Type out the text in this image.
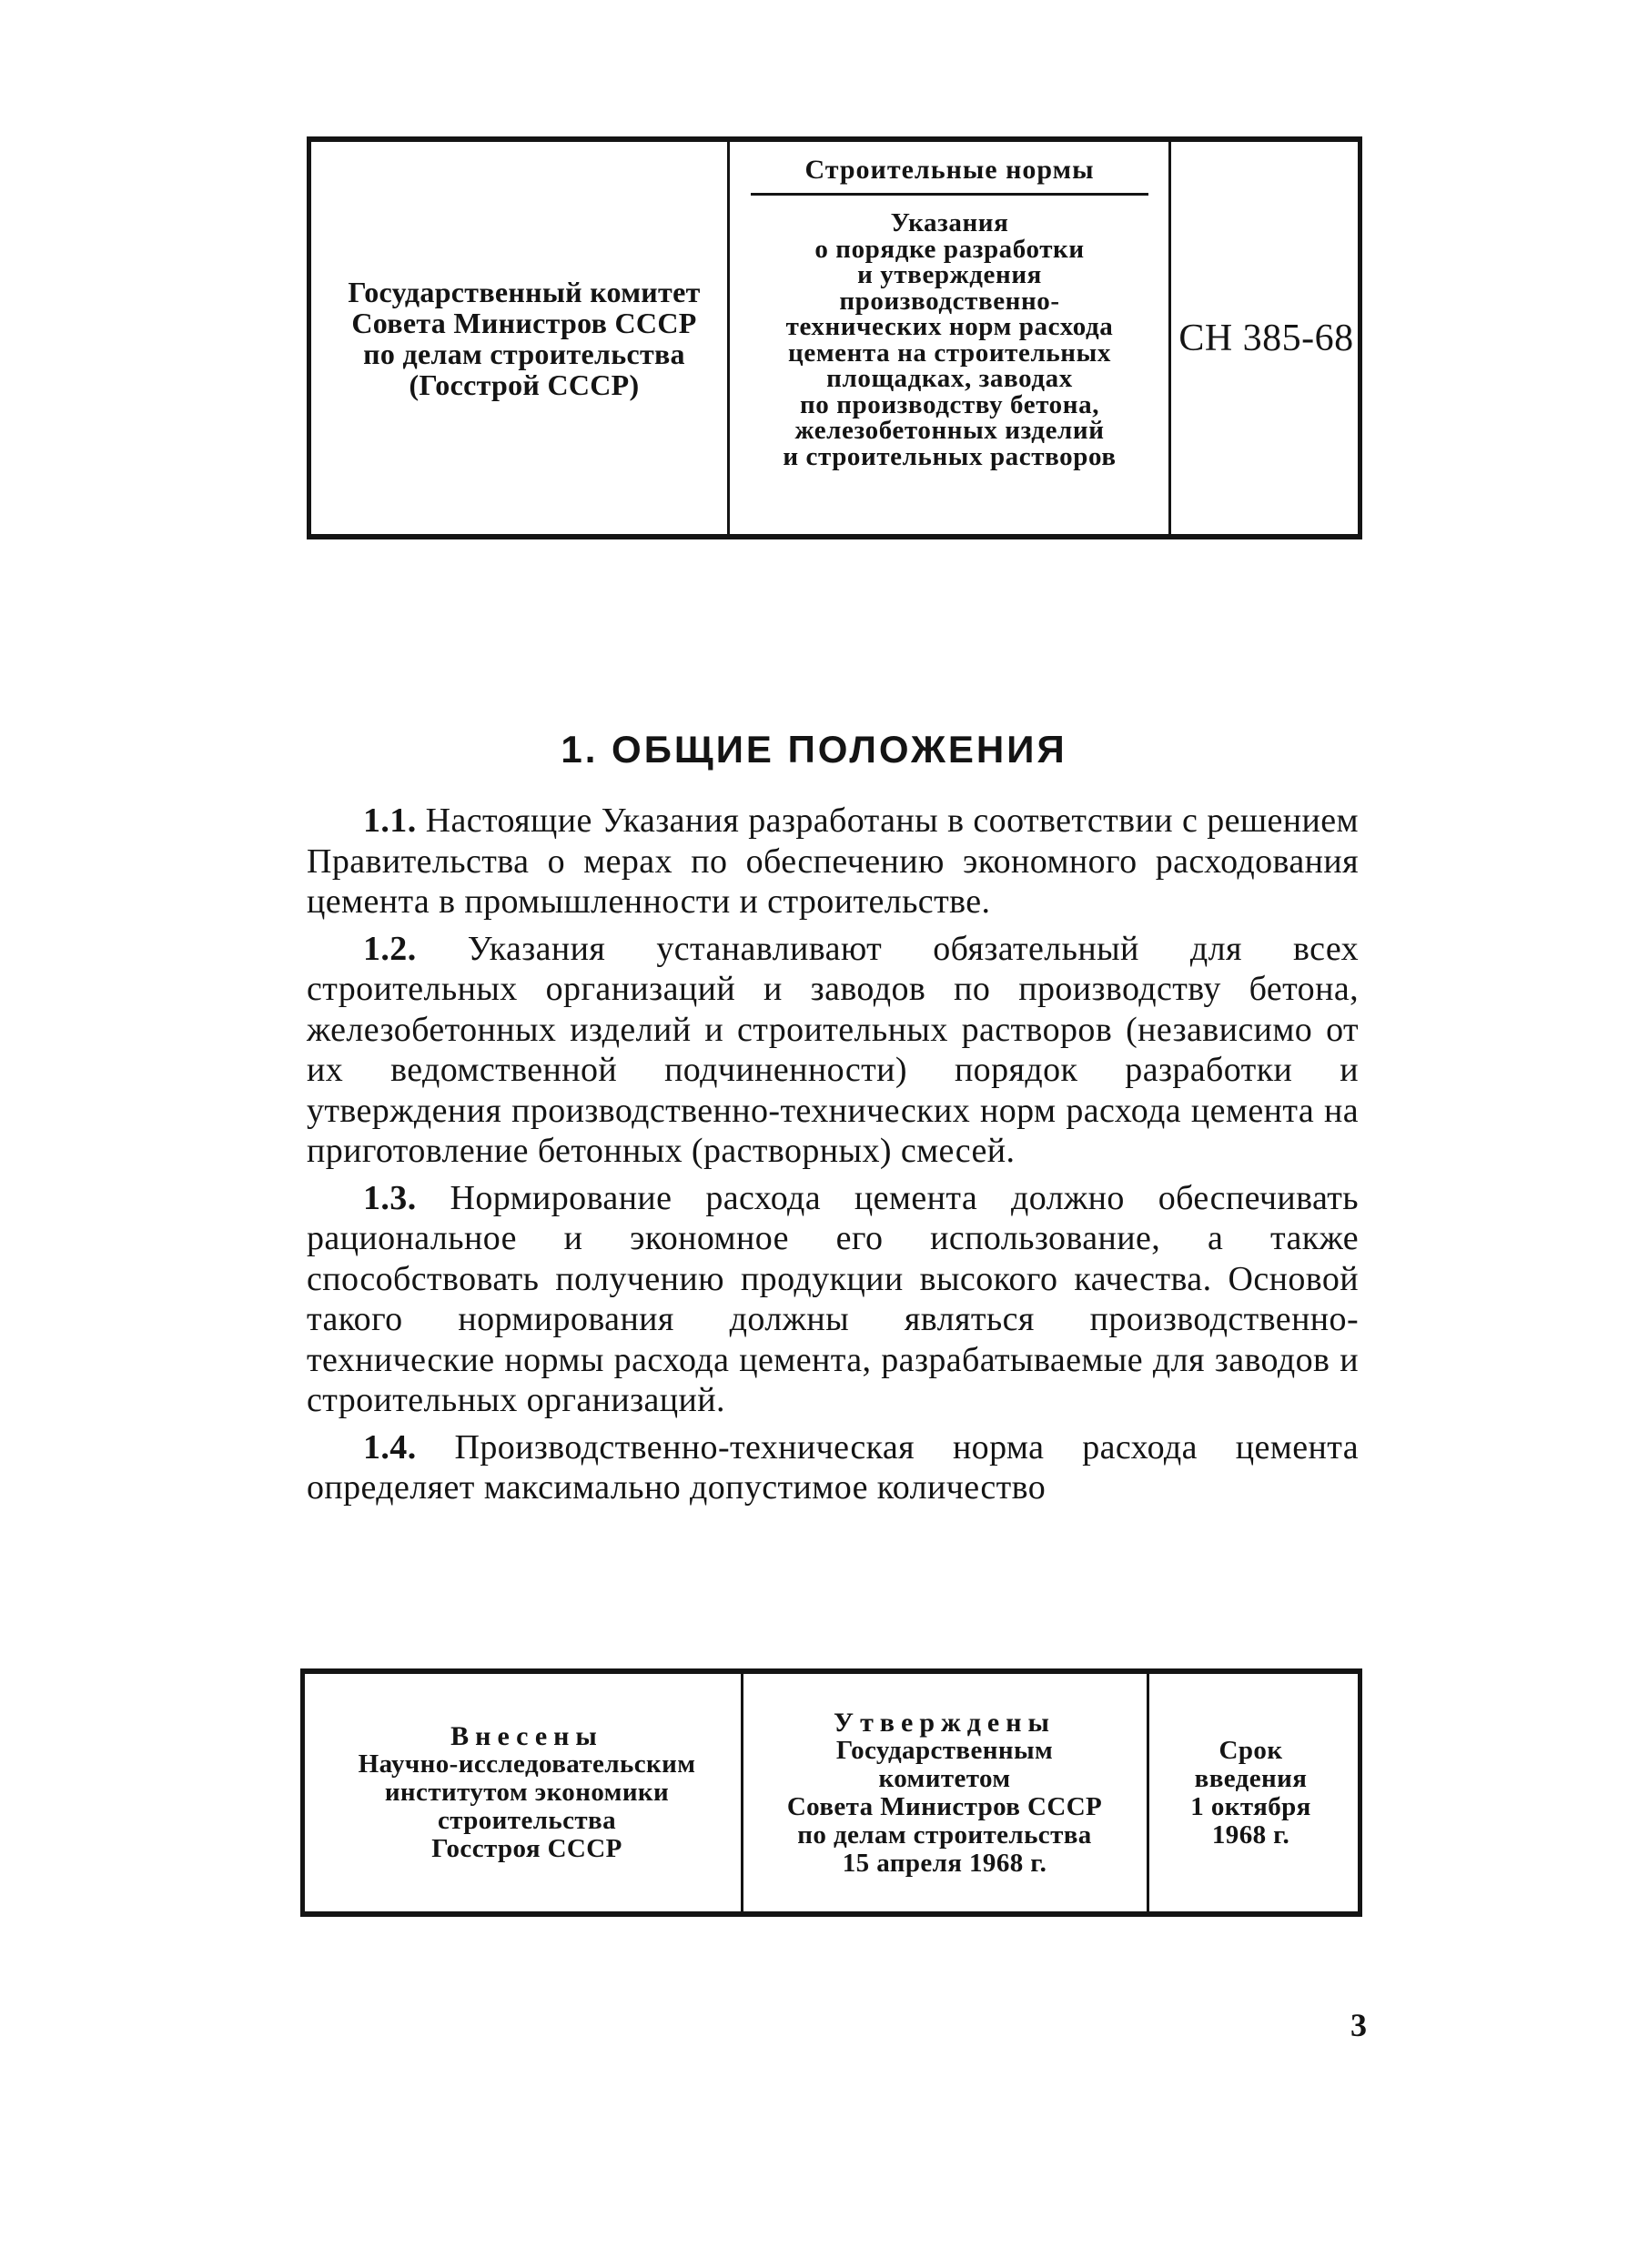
Государственный комитет
Совета Министров СССР
по делам строительства
(Госстрой СССР)
Строительные нормы
Указания
о порядке разработки
и утверждения
производственно-
технических норм расхода
цемента на строительных
площадках, заводах
по производству бетона,
железобетонных изделий
и строительных растворов
СН 385-68
1. ОБЩИЕ ПОЛОЖЕНИЯ

1.1. Настоящие Указания разработаны в соответствии с решением Правительства о мерах по обеспечению экономного расходования цемента в промышленности и строительстве.

1.2. Указания устанавливают обязательный для всех строительных организаций и заводов по производству бетона, железобетонных изделий и строительных растворов (независимо от их ведомственной подчиненности) порядок разработки и утверждения производственно-технических норм расхода цемента на приготовление бетонных (растворных) смесей.

1.3. Нормирование расхода цемента должно обеспечивать рациональное и экономное его использование, а также способствовать получению продукции высокого качества. Основой такого нормирования должны являться производственно-технические нормы расхода цемента, разрабатываемые для заводов и строительных организаций.

1.4. Производственно-техническая норма расхода цемента определяет максимально допустимое количество

Внесены
Научно-исследовательским
институтом экономики
строительства
Госстроя СССР
Утверждены
Государственным
комитетом
Совета Министров СССР
по делам строительства
15 апреля 1968 г.
Срок
введения
1 октября
1968 г.
3
